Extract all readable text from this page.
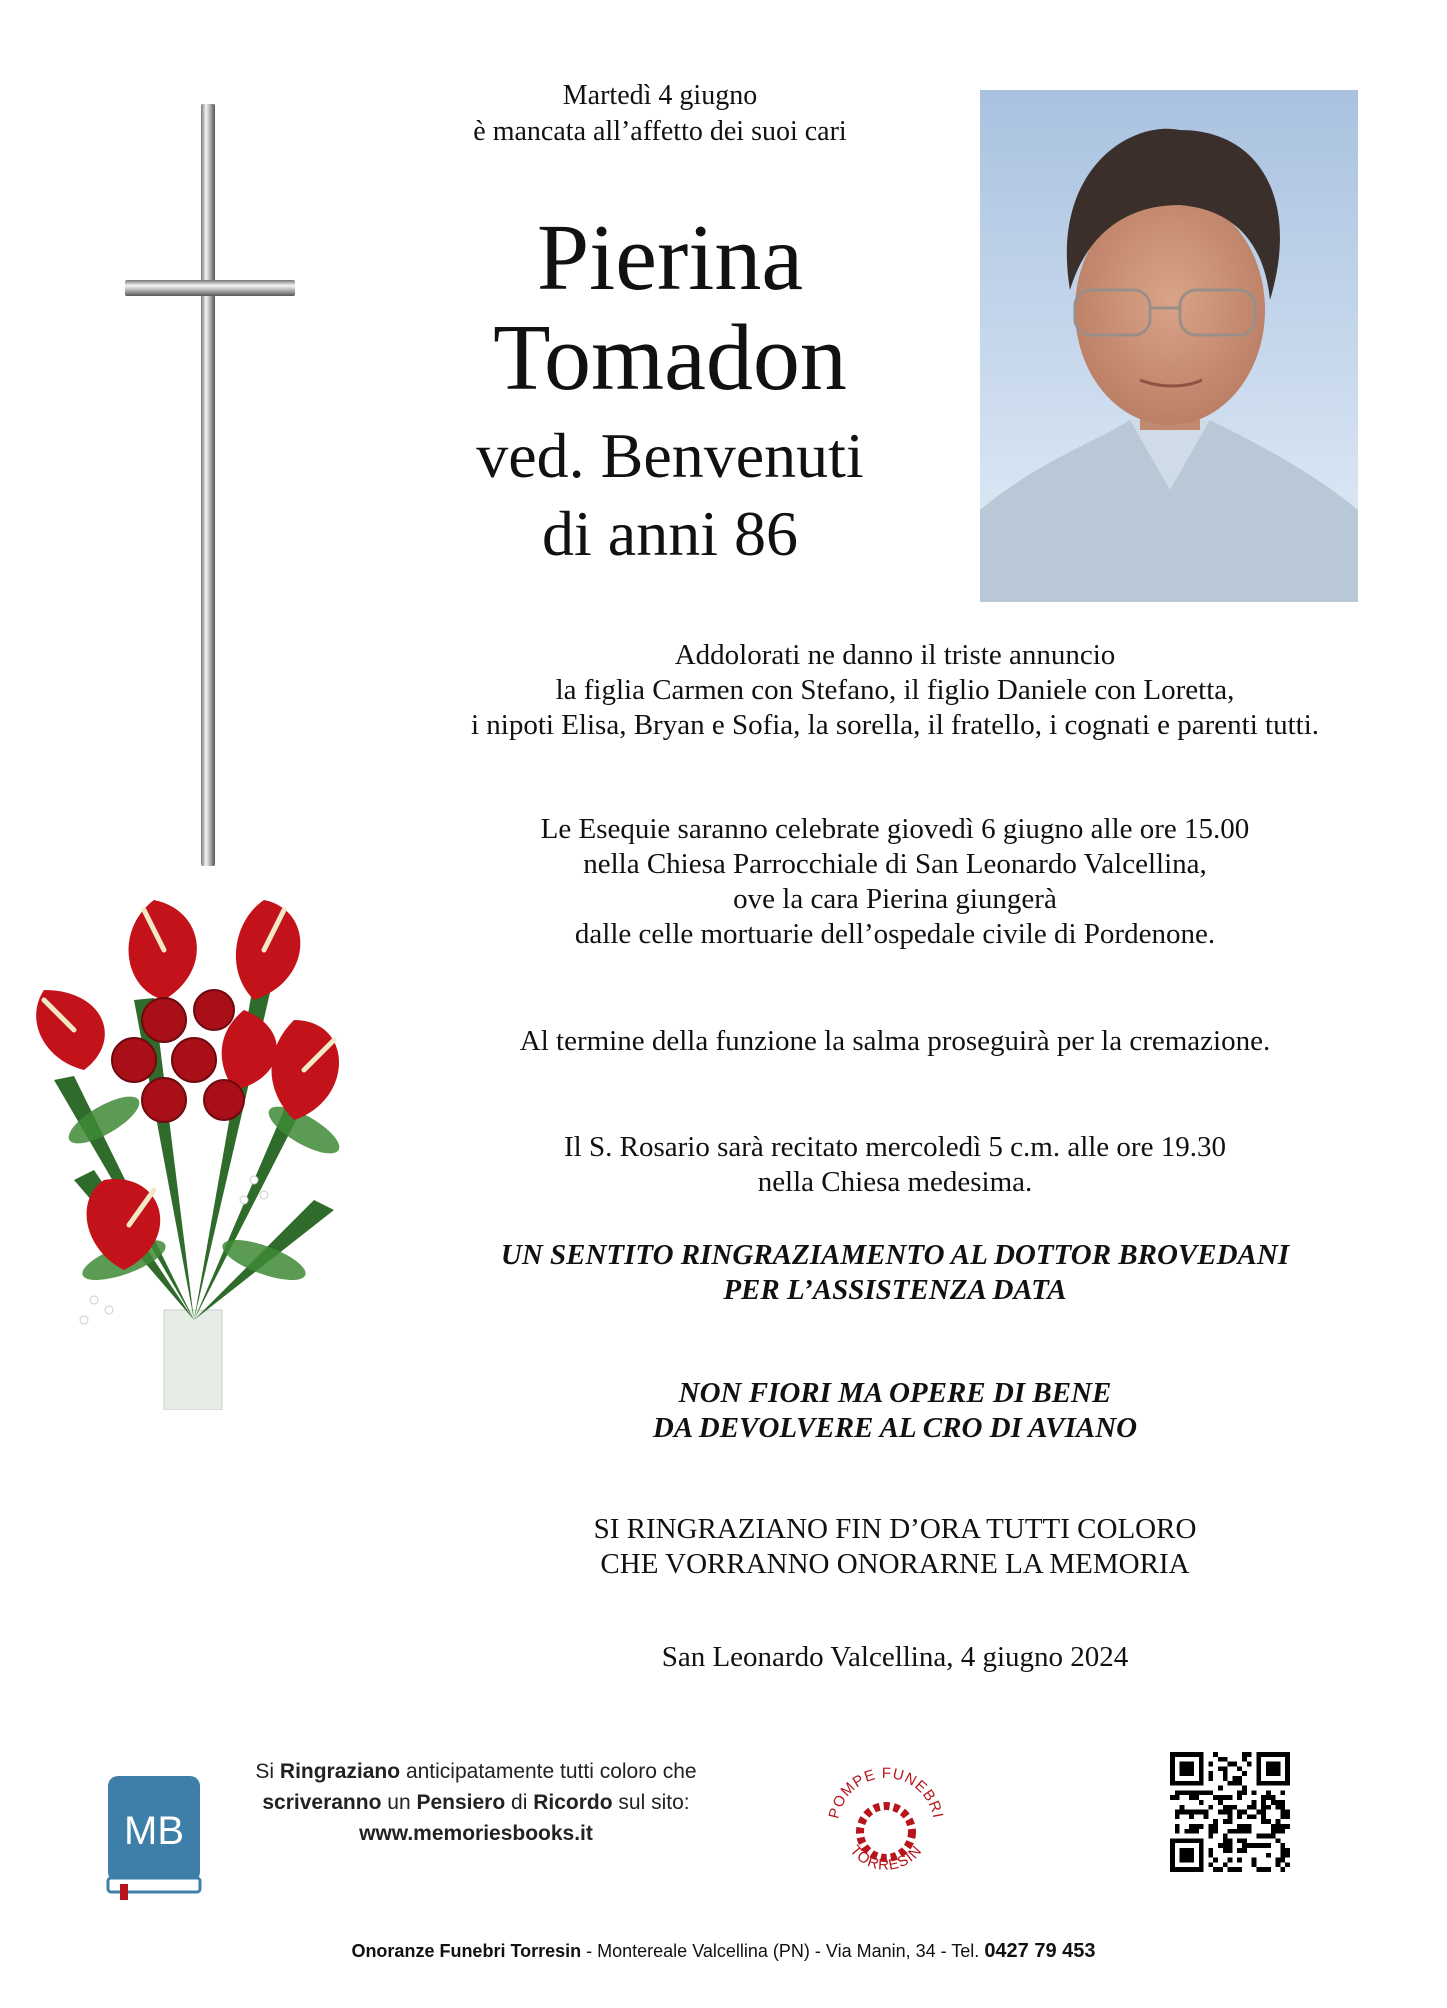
Martedì 4 giugno
è mancata all’affetto dei suoi cari
Pierina
Tomadon
ved. Benvenuti
di anni 86
Addolorati ne danno il triste annuncio
la figlia Carmen con Stefano, il figlio Daniele con Loretta,
i nipoti Elisa, Bryan e Sofia, la sorella, il fratello, i cognati e parenti tutti.
Le Esequie saranno celebrate giovedì 6 giugno alle ore 15.00
nella Chiesa Parrocchiale di San Leonardo Valcellina,
ove la cara Pierina giungerà
dalle celle mortuarie dell’ospedale civile di Pordenone.
Al termine della funzione la salma proseguirà per la cremazione.
Il S. Rosario sarà recitato mercoledì 5 c.m. alle ore 19.30
nella Chiesa medesima.
UN SENTITO RINGRAZIAMENTO AL DOTTOR BROVEDANI
PER L’ASSISTENZA DATA
NON FIORI MA OPERE DI BENE
DA DEVOLVERE AL CRO DI AVIANO
SI RINGRAZIANO FIN D’ORA TUTTI COLORO
CHE VORRANNO ONORARNE LA MEMORIA
San Leonardo Valcellina, 4 giugno 2024
MB
Si Ringraziano anticipatamente tutti coloro che
scriveranno un Pensiero di Ricordo sul sito:
www.memoriesbooks.it
POMPE FUNEBRI
TORRESIN
Onoranze Funebri Torresin - Montereale Valcellina (PN) - Via Manin, 34 - Tel. 0427 79 453
